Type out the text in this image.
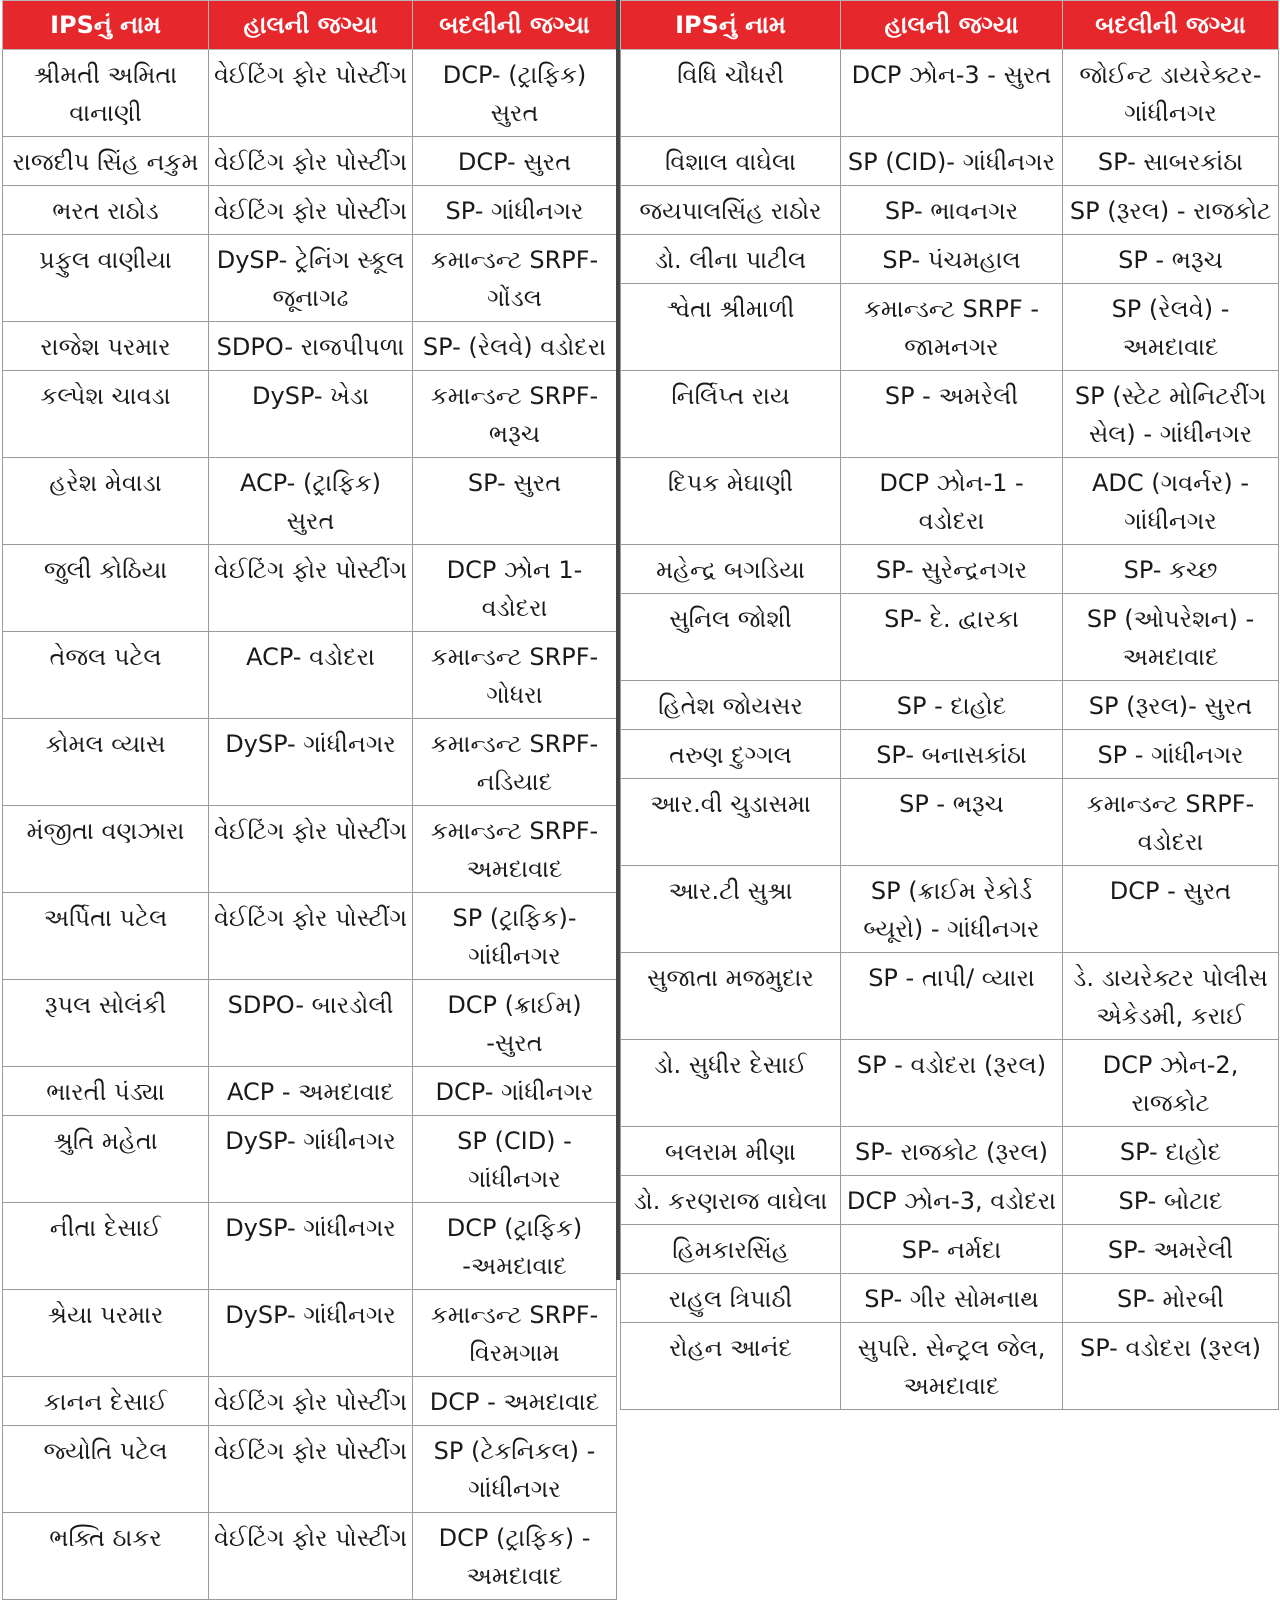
IPSનું નામ	હાલની જગ્યા	બદલીની જગ્યા
શ્રીમતી અમિતા વાનાણી	વેઈટિંગ ફોર પોસ્ટીંગ	DCP- (ટ્રાફિક) સુરત
રાજદીપ સિંહ નકુમ	વેઈટિંગ ફોર પોસ્ટીંગ	DCP- સુરત
ભરત રાઠોડ	વેઈટિંગ ફોર પોસ્ટીંગ	SP- ગાંધીનગર
પ્રફુલ વાણીયા	DySP- ટ્રેનિંગ સ્કૂલ જૂનાગઢ	કમાન્ડન્ટ SRPF- ગોંડલ
રાજેશ પરમાર	SDPO- રાજપીપળા	SP- (રેલવે) વડોદરા
કલ્પેશ ચાવડા	DySP- ખેડા	કમાન્ડન્ટ SRPF- ભરૂચ
હરેશ મેવાડા	ACP- (ટ્રાફિક) સુરત	SP- સુરત
જુલી કોઠિયા	વેઈટિંગ ફોર પોસ્ટીંગ	DCP ઝોન 1- વડોદરા
તેજલ પટેલ	ACP- વડોદરા	કમાન્ડન્ટ SRPF- ગોધરા
કોમલ વ્યાસ	DySP- ગાંધીનગર	કમાન્ડન્ટ SRPF- નડિયાદ
મંજીતા વણઝારા	વેઈટિંગ ફોર પોસ્ટીંગ	કમાન્ડન્ટ SRPF- અમદાવાદ
અર્પિતા પટેલ	વેઈટિંગ ફોર પોસ્ટીંગ	SP (ટ્રાફિક)- ગાંધીનગર
રૂપલ સોલંકી	SDPO- બારડોલી	DCP (ક્રાઈમ) -સુરત
ભારતી પંડ્યા	ACP - અમદાવાદ	DCP- ગાંધીનગર
શ્રુતિ મહેતા	DySP- ગાંધીનગર	SP (CID) - ગાંધીનગર
નીતા દેસાઈ	DySP- ગાંધીનગર	DCP (ટ્રાફિક) -અમદાવાદ
શ્રેયા પરમાર	DySP- ગાંધીનગર	કમાન્ડન્ટ SRPF- વિરમગામ
કાનન દેસાઈ	વેઈટિંગ ફોર પોસ્ટીંગ	DCP - અમદાવાદ
જ્યોતિ પટેલ	વેઈટિંગ ફોર પોસ્ટીંગ	SP (ટેકનિકલ) - ગાંધીનગર
ભક્તિ ઠાકર	વેઈટિંગ ફોર પોસ્ટીંગ	DCP (ટ્રાફિક) - અમદાવાદ
IPSનું નામ	હાલની જગ્યા	બદલીની જગ્યા
વિધિ ચૌધરી	DCP ઝોન-3 - સુરત	જોઈન્ટ ડાયરેક્ટર- ગાંધીનગર
વિશાલ વાઘેલા	SP (CID)- ગાંધીનગર	SP- સાબરકાંઠા
જયપાલસિંહ રાઠોર	SP- ભાવનગર	SP (રૂરલ) - રાજકોટ
ડો. લીના પાટીલ	SP- પંચમહાલ	SP - ભરૂચ
શ્વેતા શ્રીમાળી	કમાન્ડન્ટ SRPF - જામનગર	SP (રેલવે) - અમદાવાદ
નિર્લિપ્ત રાય	SP - અમરેલી	SP (સ્ટેટ મોનિટરીંગ સેલ) - ગાંધીનગર
દિપક મેઘાણી	DCP ઝોન-1 - વડોદરા	ADC (ગવર્નર) - ગાંધીનગર
મહેન્દ્ર બગડિયા	SP- સુરેન્દ્રનગર	SP- કચ્છ
સુનિલ જોશી	SP- દે. દ્વારકા	SP (ઓપરેશન) - અમદાવાદ
હિતેશ જોયસર	SP - દાહોદ	SP (રૂરલ)- સુરત
તરુણ દુગ્ગલ	SP- બનાસકાંઠા	SP - ગાંધીનગર
આર.વી ચુડાસમા	SP - ભરૂચ	કમાન્ડન્ટ SRPF- વડોદરા
આર.ટી સુશ્રા	SP (ક્રાઈમ રેકોર્ડ બ્યૂરો) - ગાંધીનગર	DCP - સુરત
સુજાતા મજમુદાર	SP - તાપી/ વ્યારા	ડે. ડાયરેક્ટર પોલીસ એકેડમી, કરાઈ
ડો. સુધીર દેસાઈ	SP - વડોદરા (રૂરલ)	DCP ઝોન-2, રાજકોટ
બલરામ મીણા	SP- રાજકોટ (રૂરલ)	SP- દાહોદ
ડો. કરણરાજ વાઘેલા	DCP ઝોન-3, વડોદરા	SP- બોટાદ
હિમકારસિંહ	SP- નર્મદા	SP- અમરેલી
રાહુલ ત્રિપાઠી	SP- ગીર સોમનાથ	SP- મોરબી
રોહન આનંદ	સુપરિ. સેન્ટ્રલ જેલ, અમદાવાદ	SP- વડોદરા (રૂરલ)
